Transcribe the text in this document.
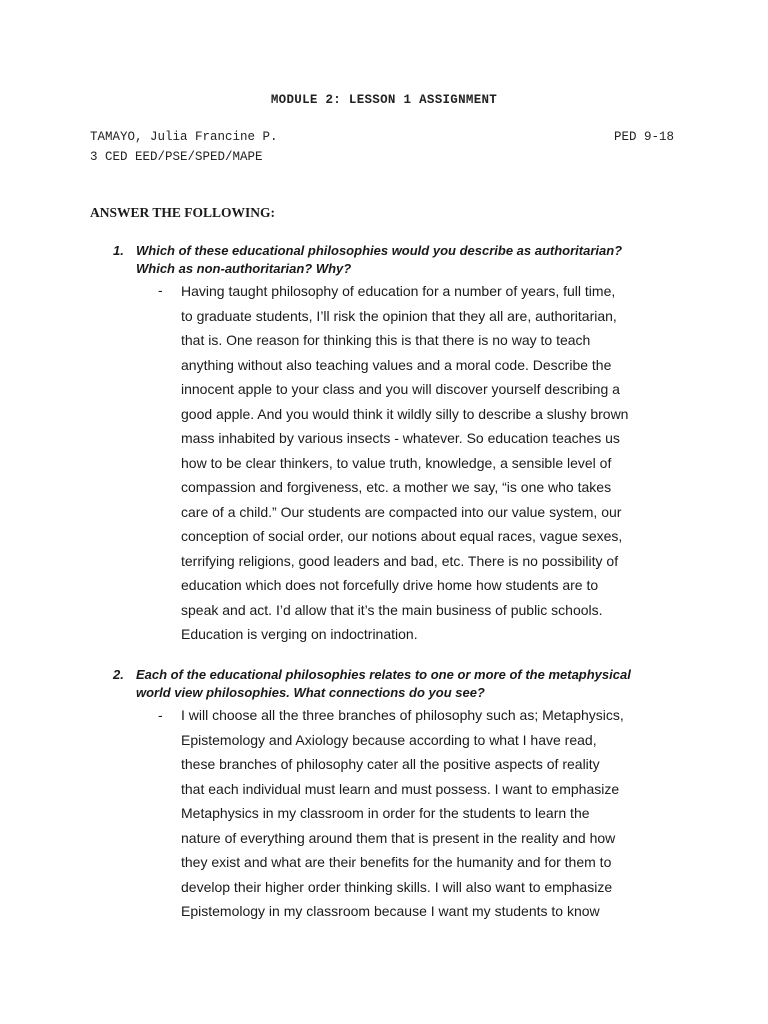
MODULE 2: LESSON 1 ASSIGNMENT
TAMAYO, Julia Francine P.	PED 9-18
3 CED EED/PSE/SPED/MAPE
ANSWER THE FOLLOWING:
1. Which of these educational philosophies would you describe as authoritarian?
Which as non-authoritarian? Why?
- Having taught philosophy of education for a number of years, full time,
to graduate students, I’ll risk the opinion that they all are, authoritarian,
that is. One reason for thinking this is that there is no way to teach
anything without also teaching values and a moral code. Describe the
innocent apple to your class and you will discover yourself describing a
good apple. And you would think it wildly silly to describe a slushy brown
mass inhabited by various insects - whatever. So education teaches us
how to be clear thinkers, to value truth, knowledge, a sensible level of
compassion and forgiveness, etc. a mother we say, “is one who takes
care of a child.” Our students are compacted into our value system, our
conception of social order, our notions about equal races, vague sexes,
terrifying religions, good leaders and bad, etc. There is no possibility of
education which does not forcefully drive home how students are to
speak and act. I’d allow that it’s the main business of public schools.
Education is verging on indoctrination.
2. Each of the educational philosophies relates to one or more of the metaphysical
world view philosophies. What connections do you see?
- I will choose all the three branches of philosophy such as; Metaphysics,
Epistemology and Axiology because according to what I have read,
these branches of philosophy cater all the positive aspects of reality
that each individual must learn and must possess. I want to emphasize
Metaphysics in my classroom in order for the students to learn the
nature of everything around them that is present in the reality and how
they exist and what are their benefits for the humanity and for them to
develop their higher order thinking skills. I will also want to emphasize
Epistemology in my classroom because I want my students to know
